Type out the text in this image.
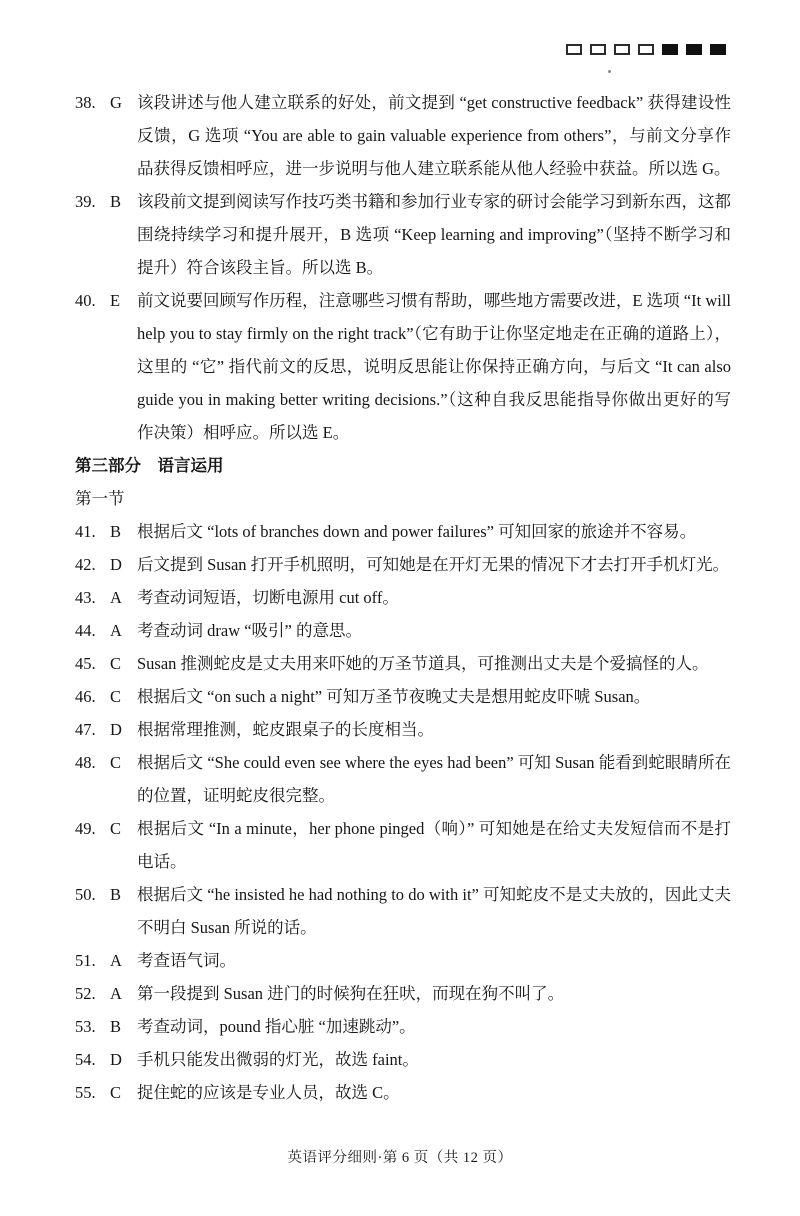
38. G 该段讲述与他人建立联系的好处，前文提到 “get constructive feedback” 获得建设性反馈，G 选项 “You are able to gain valuable experience from others”，与前文分享作品获得反馈相呼应，进一步说明与他人建立联系能从他人经验中获益。所以选 G。
39. B 该段前文提到阅读写作技巧类书籍和参加行业专家的研讨会能学习到新东西，这都围绕持续学习和提升展开，B 选项 “Keep learning and improving”（坚持不断学习和提升）符合该段主旨。所以选 B。
40. E 前文说要回顾写作历程，注意哪些习惯有帮助，哪些地方需要改进，E 选项 “It will help you to stay firmly on the right track”（它有助于让你坚定地走在正确的道路上），这里的 “它” 指代前文的反思，说明反思能让你保持正确方向，与后文 “It can also guide you in making better writing decisions.”（这种自我反思能指导你做出更好的写作决策）相呼应。所以选 E。
第三部分　语言运用
第一节
41. B 根据后文 “lots of branches down and power failures” 可知回家的旅途并不容易。
42. D 后文提到 Susan 打开手机照明，可知她是在开灯无果的情况下才去打开手机灯光。
43. A 考查动词短语，切断电源用 cut off。
44. A 考查动词 draw “吸引” 的意思。
45. C Susan 推测蛇皮是丈夫用来吓她的万圣节道具，可推测出丈夫是个爱搞怪的人。
46. C 根据后文 “on such a night” 可知万圣节夜晚丈夫是想用蛇皮吓唬 Susan。
47. D 根据常理推测，蛇皮跟桌子的长度相当。
48. C 根据后文 “She could even see where the eyes had been” 可知 Susan 能看到蛇眼睛所在的位置，证明蛇皮很完整。
49. C 根据后文 “In a minute，her phone pinged（响）” 可知她是在给丈夫发短信而不是打电话。
50. B 根据后文 “he insisted he had nothing to do with it” 可知蛇皮不是丈夫放的，因此丈夫不明白 Susan 所说的话。
51. A 考查语气词。
52. A 第一段提到 Susan 进门的时候狗在狂吠，而现在狗不叫了。
53. B 考查动词，pound 指心脏 “加速跳动”。
54. D 手机只能发出微弱的灯光，故选 faint。
55. C 捉住蛇的应该是专业人员，故选 C。
英语评分细则·第 6 页（共 12 页）
